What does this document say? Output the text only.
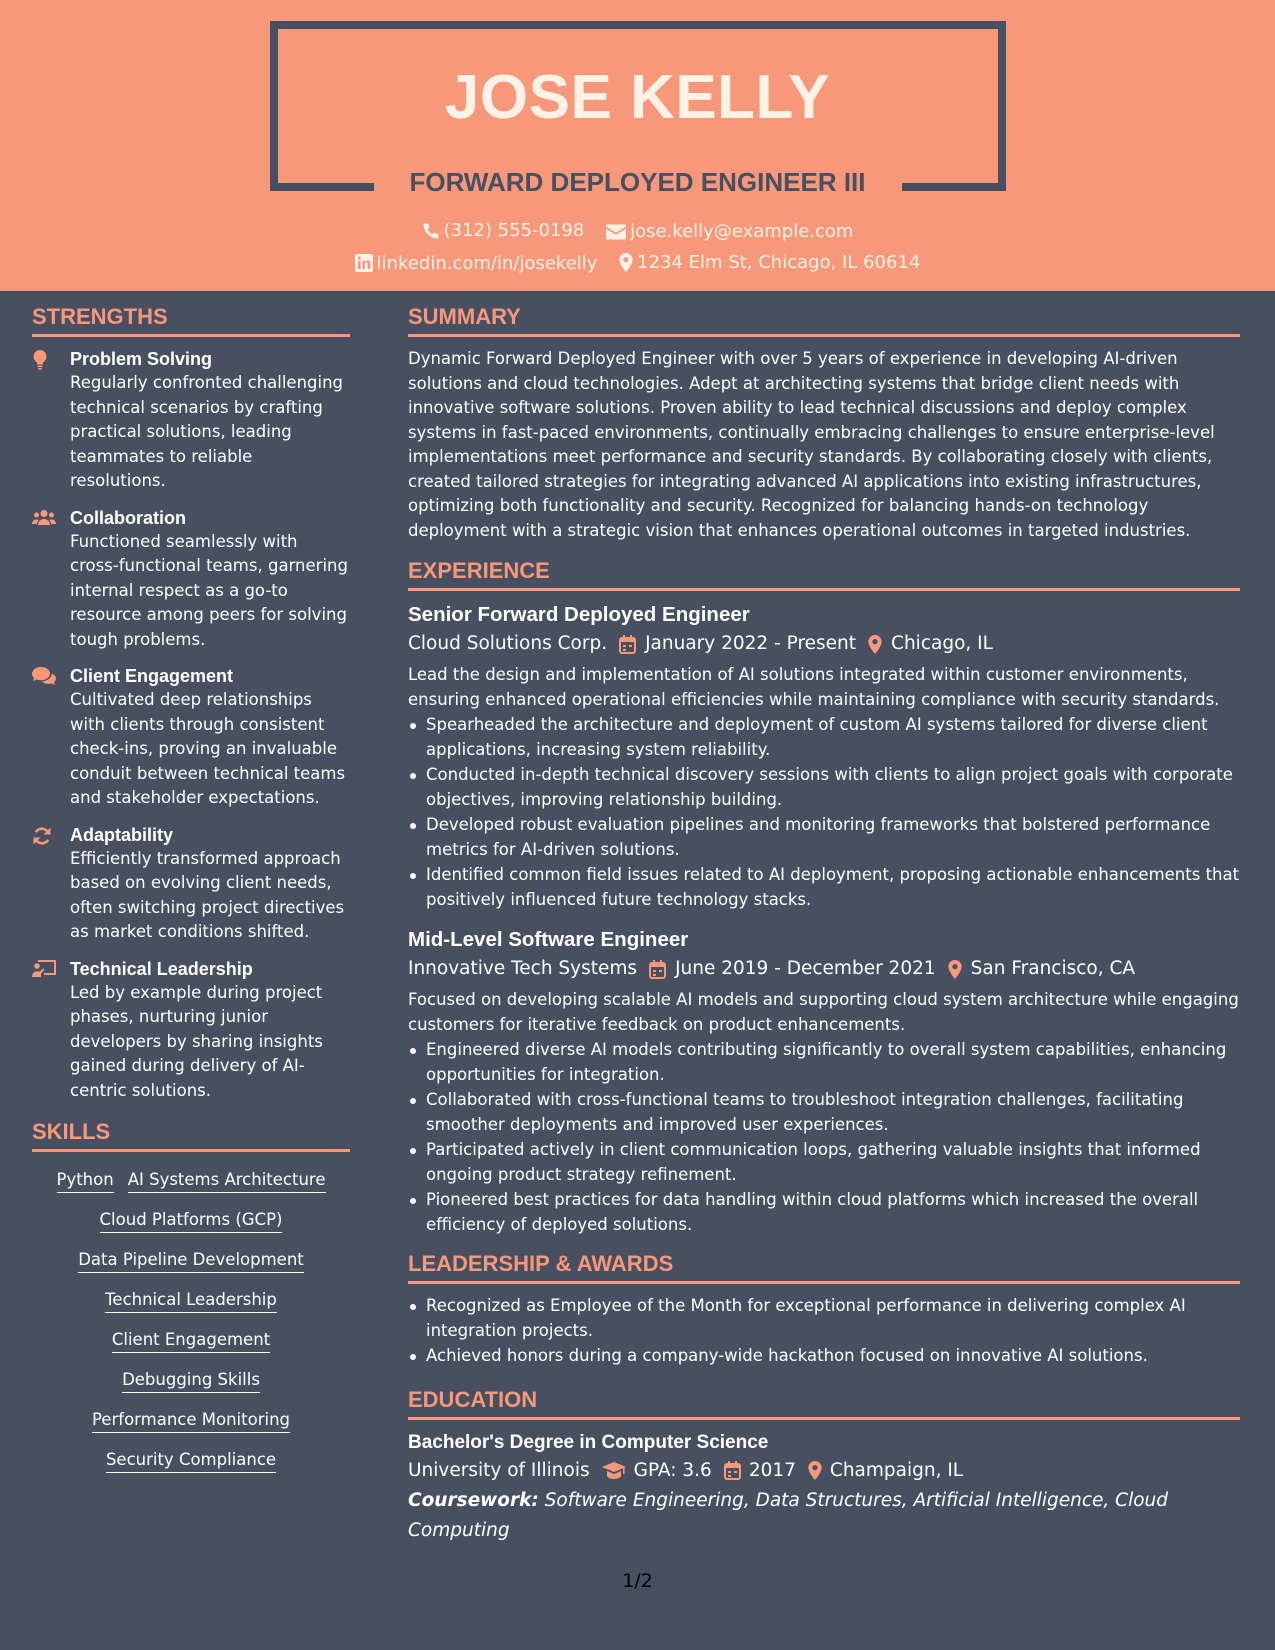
JOSE KELLY
FORWARD DEPLOYED ENGINEER III
(312) 555-0198
	jose.kelly@example.com
linkedin.com/in/josekelly
1234 Elm St, Chicago, IL 60614
STRENGTHS
Problem Solving
Regularly confronted challenging technical scenarios by crafting practical solutions, leading teammates to reliable resolutions.
Collaboration
Functioned seamlessly with cross-functional teams, garnering internal respect as a go-to resource among peers for solving tough problems.
Client Engagement
Cultivated deep relationships with clients through consistent check-ins, proving an invaluable conduit between technical teams and stakeholder expectations.
Adaptability
Efficiently transformed approach based on evolving client needs, often switching project directives as market conditions shifted.
Technical Leadership
Led by example during project phases, nurturing junior developers by sharing insights gained during delivery of AI-centric solutions.
SKILLS
Python AI Systems Architecture
Cloud Platforms (GCP)
Data Pipeline Development
Technical Leadership
Client Engagement
Debugging Skills
Performance Monitoring
Security Compliance
SUMMARY
Dynamic Forward Deployed Engineer with over 5 years of experience in developing AI-driven solutions and cloud technologies. Adept at architecting systems that bridge client needs with innovative software solutions. Proven ability to lead technical discussions and deploy complex systems in fast-paced environments, continually embracing challenges to ensure enterprise-level implementations meet performance and security standards. By collaborating closely with clients, created tailored strategies for integrating advanced AI applications into existing infrastructures, optimizing both functionality and security. Recognized for balancing hands-on technology deployment with a strategic vision that enhances operational outcomes in targeted industries.
EXPERIENCE
Senior Forward Deployed Engineer
Cloud Solutions Corp. January 2022 - Present Chicago, IL
Lead the design and implementation of AI solutions integrated within customer environments, ensuring enhanced operational efficiencies while maintaining compliance with security standards.
Spearheaded the architecture and deployment of custom AI systems tailored for diverse client applications, increasing system reliability.
Conducted in-depth technical discovery sessions with clients to align project goals with corporate objectives, improving relationship building.
Developed robust evaluation pipelines and monitoring frameworks that bolstered performance metrics for AI-driven solutions.
Identified common field issues related to AI deployment, proposing actionable enhancements that positively influenced future technology stacks.
Mid-Level Software Engineer
Innovative Tech Systems June 2019 - December 2021 San Francisco, CA
Focused on developing scalable AI models and supporting cloud system architecture while engaging customers for iterative feedback on product enhancements.
Engineered diverse AI models contributing significantly to overall system capabilities, enhancing opportunities for integration.
Collaborated with cross-functional teams to troubleshoot integration challenges, facilitating smoother deployments and improved user experiences.
Participated actively in client communication loops, gathering valuable insights that informed ongoing product strategy refinement.
Pioneered best practices for data handling within cloud platforms which increased the overall efficiency of deployed solutions.
LEADERSHIP & AWARDS
Recognized as Employee of the Month for exceptional performance in delivering complex AI integration projects.
Achieved honors during a company-wide hackathon focused on innovative AI solutions.
EDUCATION
Bachelor's Degree in Computer Science
University of Illinois GPA: 3.6 2017 Champaign, IL
Coursework: Software Engineering, Data Structures, Artificial Intelligence, Cloud Computing
1/2
